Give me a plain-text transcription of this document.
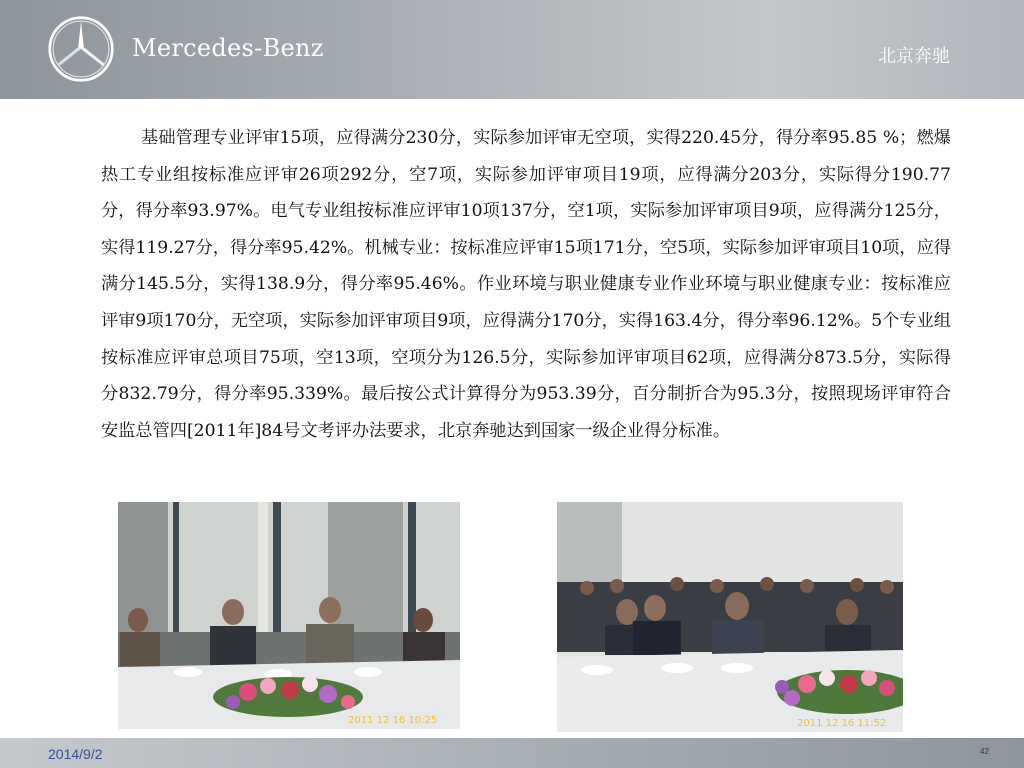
Mercedes-Benz	北京奔驰

基础管理专业评审15项，应得满分230分，实际参加评审无空项，实得220.45分，得分率95.85 %；燃爆热工专业组按标准应评审26项292分，空7项，实际参加评审项目19项，应得满分203分，实际得分190.77分，得分率93.97%。电气专业组按标准应评审10项137分，空1项，实际参加评审项目9项，应得满分125分，实得119.27分，得分率95.42%。机械专业：按标准应评审15项171分，空5项，实际参加评审项目10项，应得满分145.5分，实得138.9分，得分率95.46%。作业环境与职业健康专业作业环境与职业健康专业：按标准应评审9项170分，无空项，实际参加评审项目9项，应得满分170分，实得163.4分，得分率96.12%。5个专业组按标准应评审总项目75项，空13项，空项分为126.5分，实际参加评审项目62项，应得满分873.5分，实际得分832.79分，得分率95.339%。最后按公式计算得分为953.39分，百分制折合为95.3分，按照现场评审符合安监总管四[2011年]84号文考评办法要求，北京奔驰达到国家一级企业得分标准。

2011 12 16 10:25	2011 12 16 11:52
2014/9/2	42
